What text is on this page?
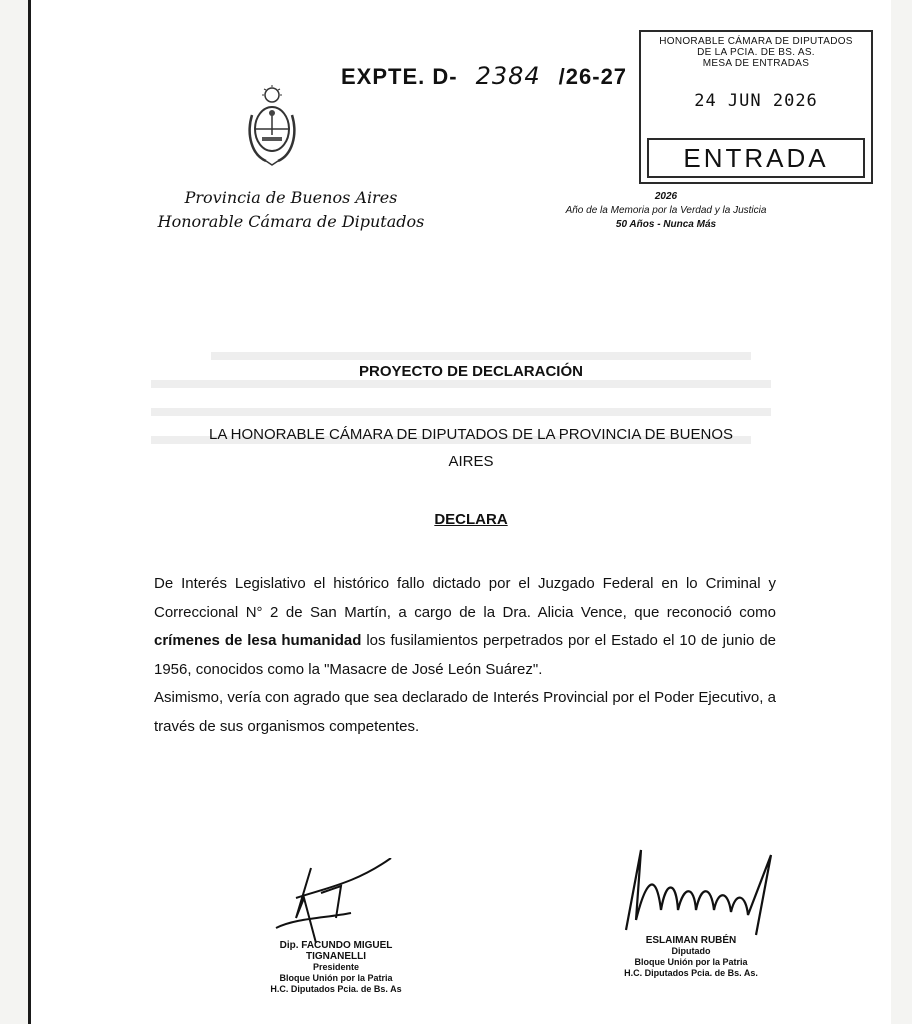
EXPTE. D- 2384 /26-27
HONORABLE CÁMARA DE DIPUTADOS
DE LA PCIA. DE BS. AS.
MESA DE ENTRADAS
24 JUN 2026
ENTRADA
Provincia de Buenos Aires
Honorable Cámara de Diputados
2026
Año de la Memoria por la Verdad y la Justicia
50 Años - Nunca Más
PROYECTO DE DECLARACIÓN
LA HONORABLE CÁMARA DE DIPUTADOS DE LA PROVINCIA DE BUENOS
AIRES
DECLARA
De Interés Legislativo el histórico fallo dictado por el Juzgado Federal en lo Criminal y Correccional N° 2 de San Martín, a cargo de la Dra. Alicia Vence, que reconoció como crímenes de lesa humanidad los fusilamientos perpetrados por el Estado el 10 de junio de 1956, conocidos como la "Masacre de José León Suárez".
Asimismo, vería con agrado que sea declarado de Interés Provincial por el Poder Ejecutivo, a través de sus organismos competentes.
Dip. FACUNDO MIGUEL TIGNANELLI
Presidente
Bloque Unión por la Patria
H.C. Diputados Pcia. de Bs. As
ESLAIMAN RUBÉN
Diputado
Bloque Unión por la Patria
H.C. Diputados Pcia. de Bs. As.
